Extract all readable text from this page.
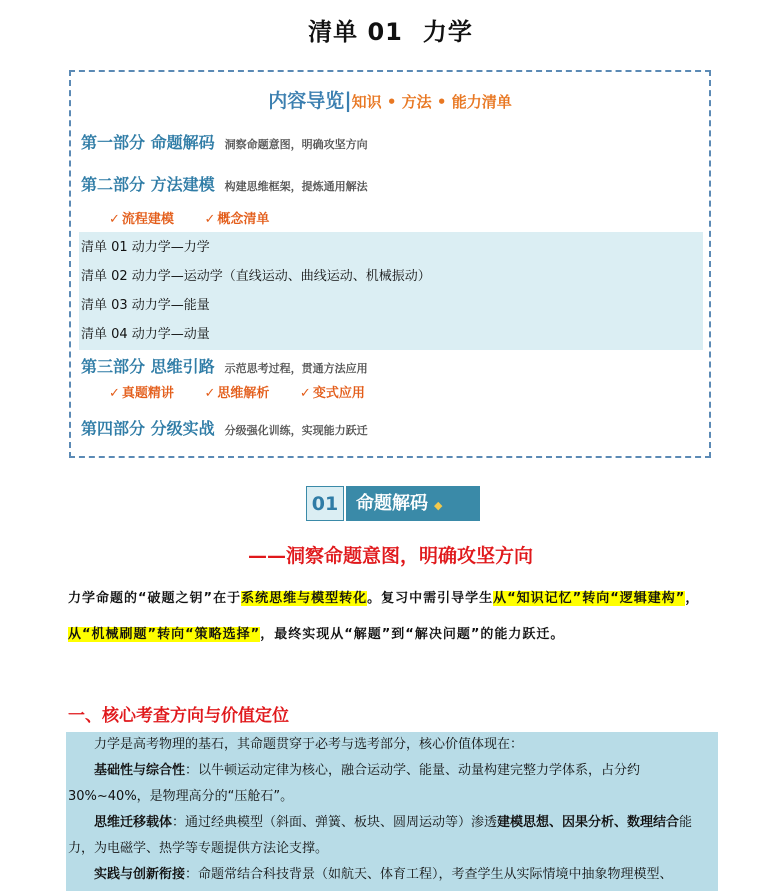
清单 01 力学
内容导览|知识 • 方法 • 能力清单
第一部分 命题解码 洞察命题意图，明确攻坚方向
第二部分 方法建模 构建思维框架，提炼通用解法
✓ 流程建模 ✓ 概念清单
清单 01 动力学—力学
清单 02 动力学—运动学（直线运动、曲线运动、机械振动）
清单 03 动力学—能量
清单 04 动力学—动量
第三部分 思维引路 示范思考过程，贯通方法应用
✓ 真题精讲 ✓ 思维解析 ✓ 变式应用
第四部分 分级实战 分级强化训练，实现能力跃迁
01 命题解码 ◆
——洞察命题意图，明确攻坚方向
力学命题的“破题之钥”在于系统思维与模型转化。复习中需引导学生从“知识记忆”转向“逻辑建构”，从“机械刷题”转向“策略选择”，最终实现从“解题”到“解决问题”的能力跃迁。
一、核心考查方向与价值定位

力学是高考物理的基石，其命题贯穿于必考与选考部分，核心价值体现在：

基础性与综合性：以牛顿运动定律为核心，融合运动学、能量、动量构建完整力学体系，占分约 30%~40%，是物理高分的“压舱石”。

思维迁移载体：通过经典模型（斜面、弹簧、板块、圆周运动等）渗透建模思想、因果分析、数理结合能力，为电磁学、热学等专题提供方法论支撑。

实践与创新衔接：命题常结合科技背景（如航天、体育工程），考查学生从实际情境中抽象物理模型、
